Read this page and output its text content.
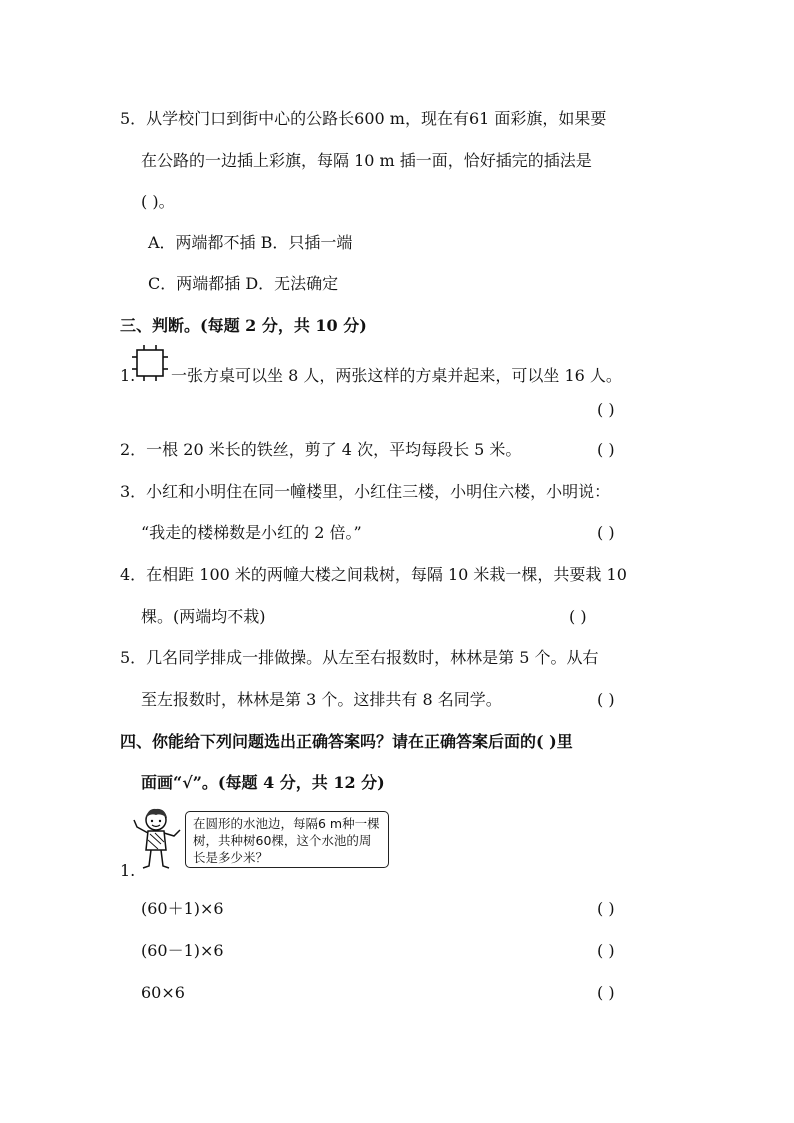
5．从学校门口到街中心的公路长600 m，现在有61 面彩旗，如果要
在公路的一边插上彩旗，每隔 10 m 插一面，恰好插完的插法是
( )。
A．两端都不插 B．只插一端
C．两端都插 D．无法确定
三、判断。(每题 2 分，共 10 分)
1. 一张方桌可以坐 8 人，两张这样的方桌并起来，可以坐 16 人。
( )
2．一根 20 米长的铁丝，剪了 4 次，平均每段长 5 米。	( )
3．小红和小明住在同一幢楼里，小红住三楼，小明住六楼，小明说：
“我走的楼梯数是小红的 2 倍。”	( )
4．在相距 100 米的两幢大楼之间栽树，每隔 10 米栽一棵，共要栽 10
棵。(两端均不栽)	( )
5．几名同学排成一排做操。从左至右报数时，林林是第 5 个。从右
至左报数时，林林是第 3 个。这排共有 8 名同学。	( )
四、你能给下列问题选出正确答案吗？请在正确答案后面的( )里
面画“√”。(每题 4 分，共 12 分)
在圆形的水池边，每隔6 m种一棵树，共种树60棵，这个水池的周长是多少米？
1.
(60＋1)×6	( )
(60－1)×6	( )
60×6	( )
